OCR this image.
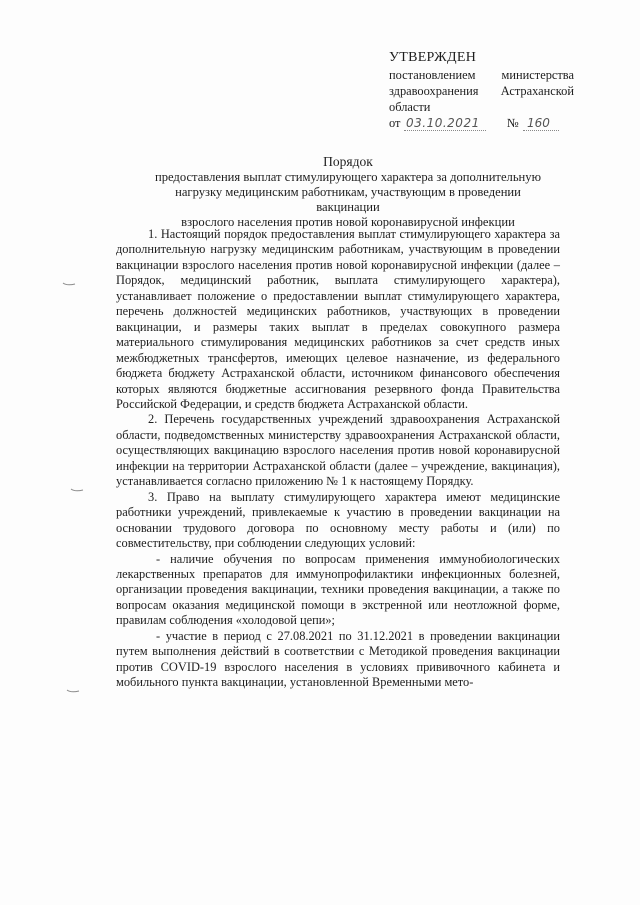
УТВЕРЖДЕН
постановлением министерства
здравоохранения Астраханской
области
от 03.10.2021 № 160
Порядок
предоставления выплат стимулирующего характера за дополнительную
нагрузку медицинским работникам, участвующим в проведении вакцинации
взрослого населения против новой коронавирусной инфекции

1. Настоящий порядок предоставления выплат стимулирующего характера за дополнительную нагрузку медицинским работникам, участвующим в проведении вакцинации взрослого населения против новой коронавирусной инфекции (далее – Порядок, медицинский работник, выплата стимулирующего характера), устанавливает положение о предоставлении выплат стимулирующего характера, перечень должностей медицинских работников, участвующих в проведении вакцинации, и размеры таких выплат в пределах совокупного размера материального стимулирования медицинских работников за счет средств иных межбюджетных трансфертов, имеющих целевое назначение, из федерального бюджета бюджету Астраханской области, источником финансового обеспечения которых являются бюджетные ассигнования резервного фонда Правительства Российской Федерации, и средств бюджета Астраханской области.

2. Перечень государственных учреждений здравоохранения Астраханской области, подведомственных министерству здравоохранения Астраханской области, осуществляющих вакцинацию взрослого населения против новой коронавирусной инфекции на территории Астраханской области (далее – учреждение, вакцинация), устанавливается согласно приложению № 1 к настоящему Порядку.

3. Право на выплату стимулирующего характера имеют медицинские работники учреждений, привлекаемые к участию в проведении вакцинации на основании трудового договора по основному месту работы и (или) по совместительству, при соблюдении следующих условий:

- наличие обучения по вопросам применения иммунобиологических лекарственных препаратов для иммунопрофилактики инфекционных болезней, организации проведения вакцинации, техники проведения вакцинации, а также по вопросам оказания медицинской помощи в экстренной или неотложной форме, правилам соблюдения «холодовой цепи»;

- участие в период с 27.08.2021 по 31.12.2021 в проведении вакцинации путем выполнения действий в соответствии с Методикой проведения вакцинации против COVID-19 взрослого населения в условиях прививочного кабинета и мобильного пункта вакцинации, установленной Временными мето-
